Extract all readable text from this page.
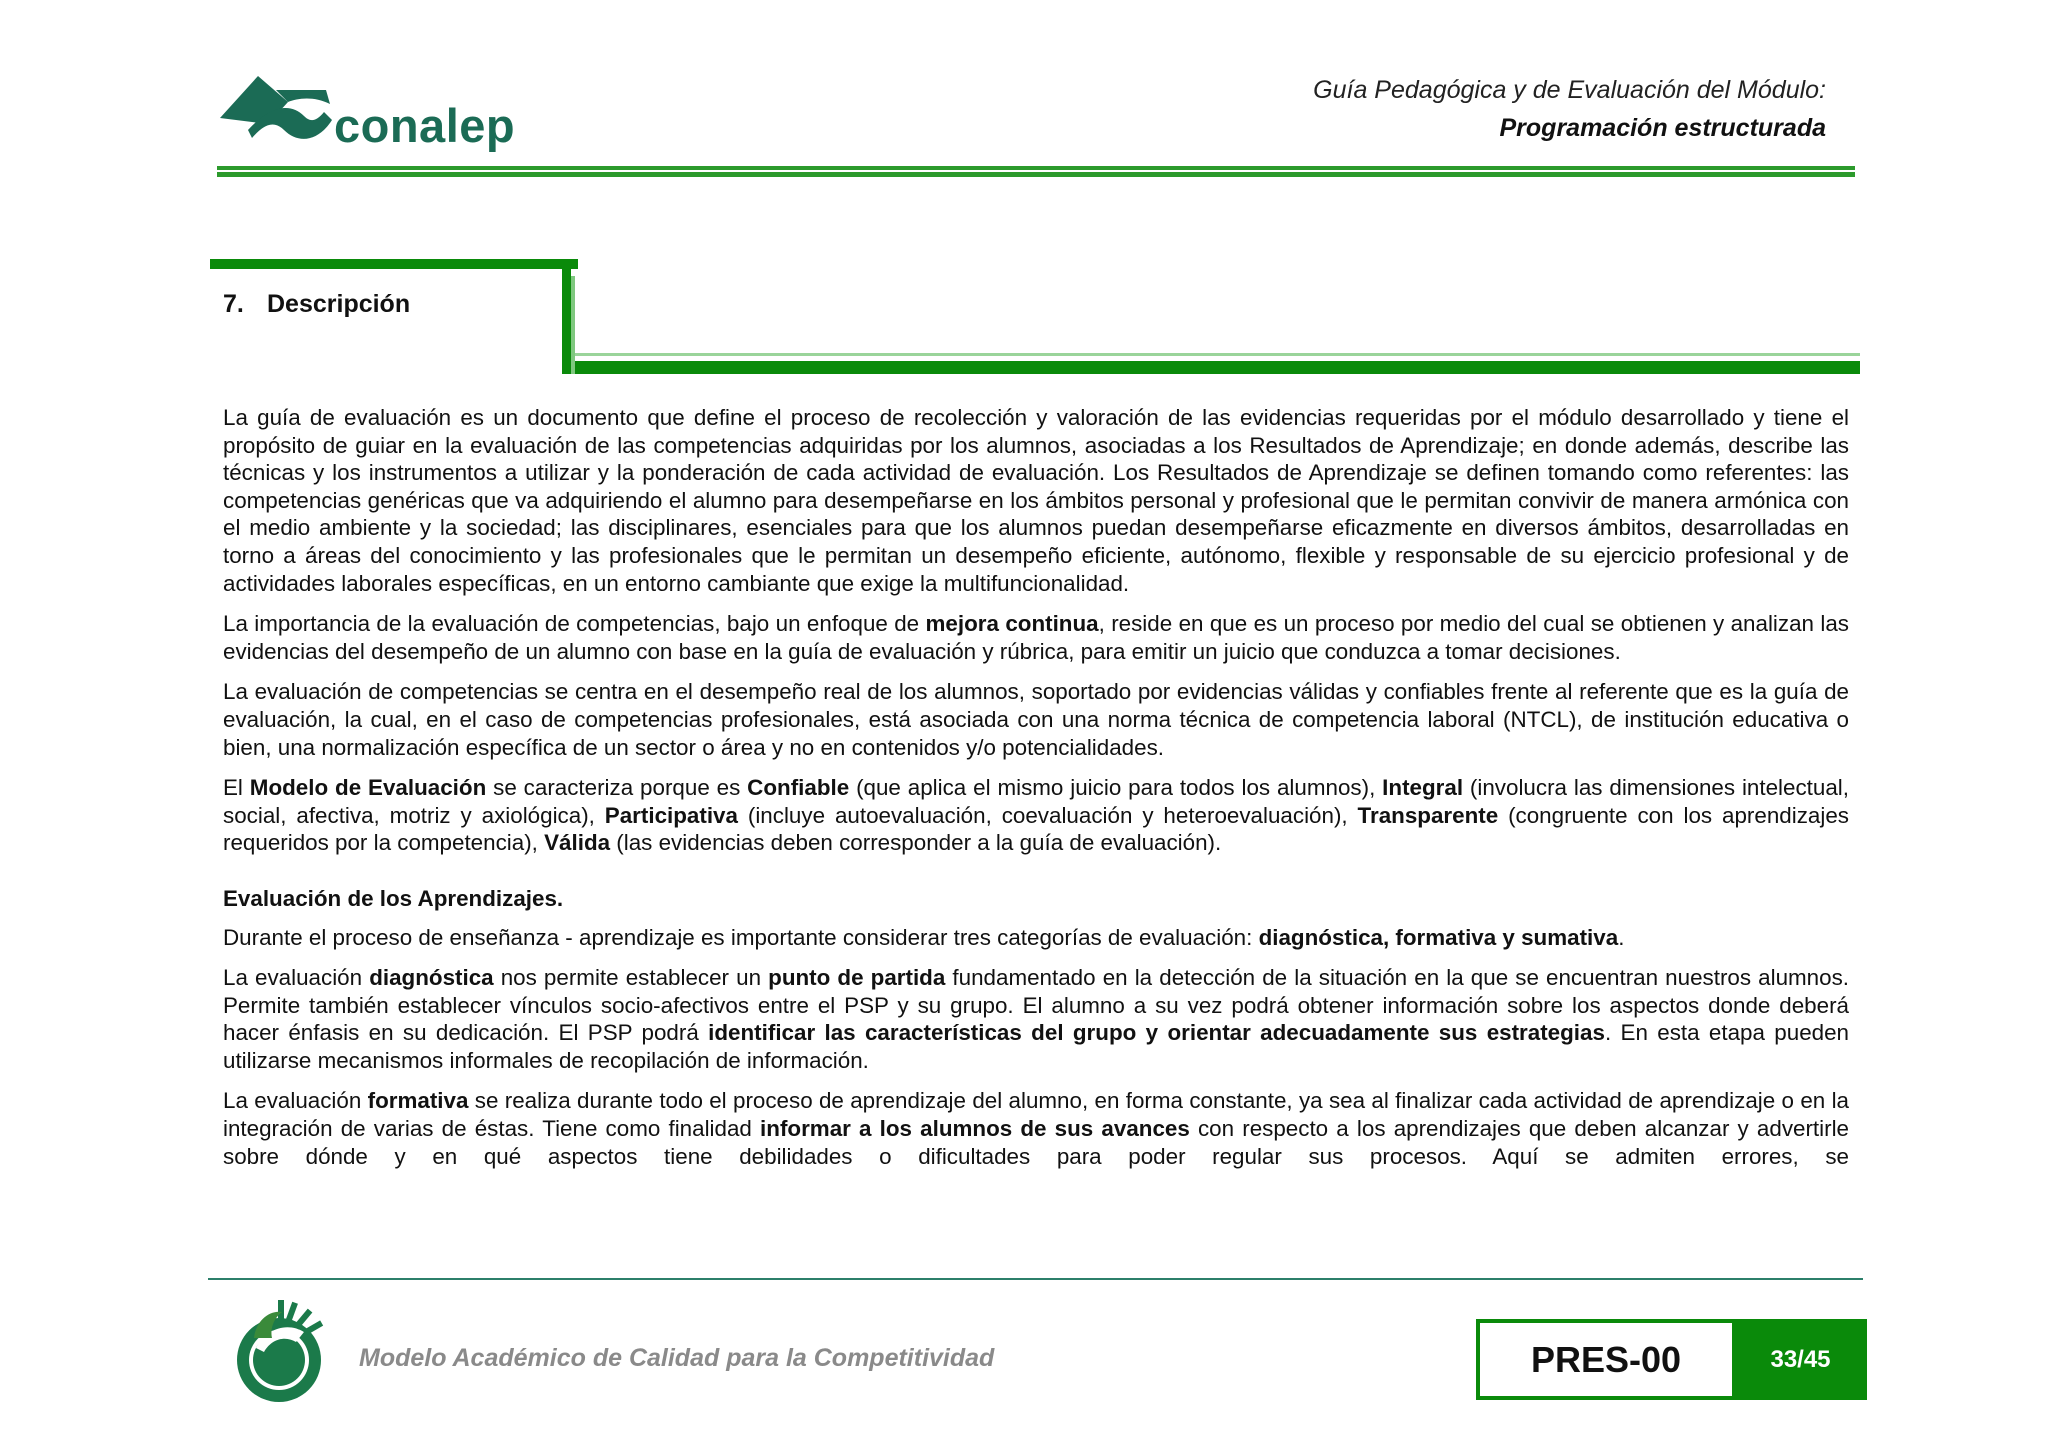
conalep
Guía Pedagógica y de Evaluación del Módulo:
Programación estructurada
7. Descripción

La guía de evaluación es un documento que define el proceso de recolección y valoración de las evidencias requeridas por el módulo desarrollado y tiene el propósito de guiar en la evaluación de las competencias adquiridas por los alumnos, asociadas a los Resultados de Aprendizaje; en donde además, describe las técnicas y los instrumentos a utilizar y la ponderación de cada actividad de evaluación. Los Resultados de Aprendizaje se definen tomando como referentes: las competencias genéricas que va adquiriendo el alumno para desempeñarse en los ámbitos personal y profesional que le permitan convivir de manera armónica con el medio ambiente y la sociedad; las disciplinares, esenciales para que los alumnos puedan desempeñarse eficazmente en diversos ámbitos, desarrolladas en torno a áreas del conocimiento y las profesionales que le permitan un desempeño eficiente, autónomo, flexible y responsable de su ejercicio profesional y de actividades laborales específicas, en un entorno cambiante que exige la multifuncionalidad.

La importancia de la evaluación de competencias, bajo un enfoque de mejora continua, reside en que es un proceso por medio del cual se obtienen y analizan las evidencias del desempeño de un alumno con base en la guía de evaluación y rúbrica, para emitir un juicio que conduzca a tomar decisiones.

La evaluación de competencias se centra en el desempeño real de los alumnos, soportado por evidencias válidas y confiables frente al referente que es la guía de evaluación, la cual, en el caso de competencias profesionales, está asociada con una norma técnica de competencia laboral (NTCL), de institución educativa o bien, una normalización específica de un sector o área y no en contenidos y/o potencialidades.

El Modelo de Evaluación se caracteriza porque es Confiable (que aplica el mismo juicio para todos los alumnos), Integral (involucra las dimensiones intelectual, social, afectiva, motriz y axiológica), Participativa (incluye autoevaluación, coevaluación y heteroevaluación), Transparente (congruente con los aprendizajes requeridos por la competencia), Válida (las evidencias deben corresponder a la guía de evaluación).

Evaluación de los Aprendizajes.

Durante el proceso de enseñanza - aprendizaje es importante considerar tres categorías de evaluación: diagnóstica, formativa y sumativa.

La evaluación diagnóstica nos permite establecer un punto de partida fundamentado en la detección de la situación en la que se encuentran nuestros alumnos. Permite también establecer vínculos socio-afectivos entre el PSP y su grupo. El alumno a su vez podrá obtener información sobre los aspectos donde deberá hacer énfasis en su dedicación. El PSP podrá identificar las características del grupo y orientar adecuadamente sus estrategias. En esta etapa pueden utilizarse mecanismos informales de recopilación de información.

La evaluación formativa se realiza durante todo el proceso de aprendizaje del alumno, en forma constante, ya sea al finalizar cada actividad de aprendizaje o en la integración de varias de éstas. Tiene como finalidad informar a los alumnos de sus avances con respecto a los aprendizajes que deben alcanzar y advertirle sobre dónde y en qué aspectos tiene debilidades o dificultades para poder regular sus procesos. Aquí se admiten errores, se

Modelo Académico de Calidad para la Competitividad	PRES-00	33/45
